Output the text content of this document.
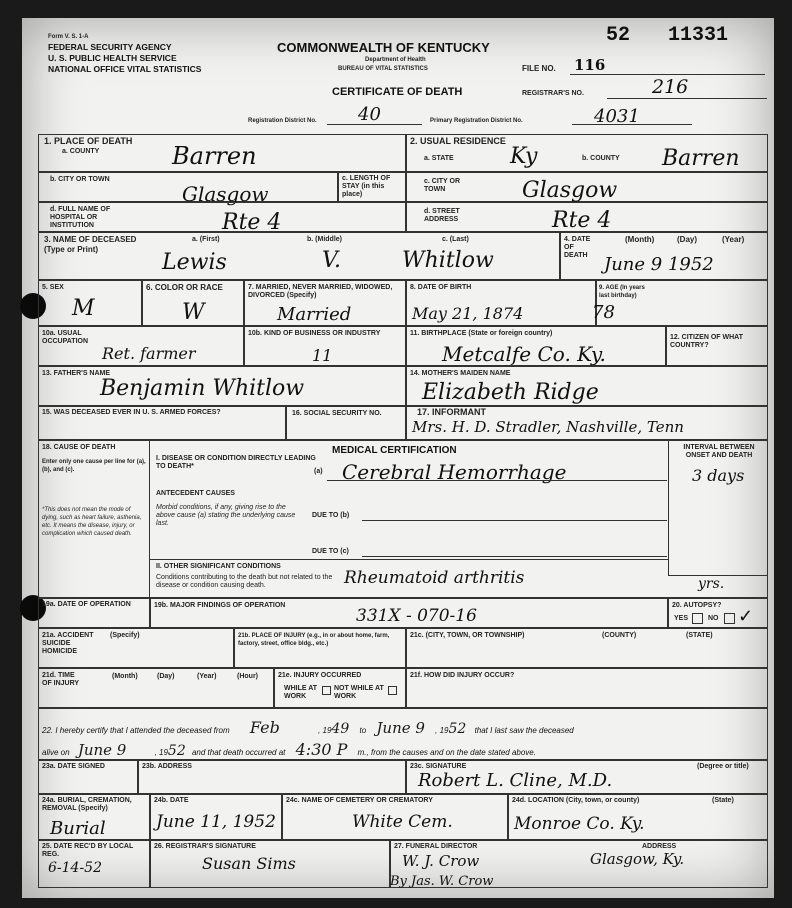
Form V. S. 1-A
FEDERAL SECURITY AGENCY
U. S. PUBLIC HEALTH SERVICE
NATIONAL OFFICE VITAL STATISTICS
COMMONWEALTH OF KENTUCKY
Department of Health
BUREAU OF VITAL STATISTICS
CERTIFICATE OF DEATH
52 11331
FILE NO. 116
REGISTRAR'S NO.	216
Registration District No. 40	Primary Registration District No.	4031
1. PLACE OF DEATH
a. COUNTY	Barren
b. CITY OR TOWN
Glasgow
c. LENGTH OF STAY (in this place)
d. FULL NAME OF HOSPITAL OR INSTITUTION	Rte 4
2. USUAL RESIDENCE
a. STATE	Ky	b. COUNTY Barren
c. CITY OR TOWN	Glasgow
d. STREET ADDRESS	Rte 4
3. NAME OF DECEASED (Type or Print)
a. (First)	b. (Middle)	c. (Last)
Lewis	V.	Whitlow
4. DATE OF DEATH
(Month)	(Day)	(Year)
June 9 1952
5. SEX
M
6. COLOR OR RACE
W
7. MARRIED, NEVER MARRIED, WIDOWED, DIVORCED (Specify)
Married
8. DATE OF BIRTH
May 21, 1874
9. AGE (In years last birthday)
78
10a. USUAL OCCUPATION
Ret. farmer
10b. KIND OF BUSINESS OR INDUSTRY
11
11. BIRTHPLACE (State or foreign country)
Metcalfe Co. Ky.
12. CITIZEN OF WHAT COUNTRY?
13. FATHER'S NAME
Benjamin Whitlow
14. MOTHER'S MAIDEN NAME
Elizabeth Ridge
15. WAS DECEASED EVER IN U. S. ARMED FORCES?	16. SOCIAL SECURITY NO.	17. INFORMANT
Mrs. H. D. Stradler, Nashville, Tenn
18. CAUSE OF DEATH
Enter only one cause per line for (a), (b), and (c).
*This does not mean the mode of dying, such as heart failure, asthenia, etc. It means the disease, injury, or complication which caused death.
MEDICAL CERTIFICATION
I. DISEASE OR CONDITION DIRECTLY LEADING TO DEATH*
(a) Cerebral Hemorrhage
INTERVAL BETWEEN ONSET AND DEATH
3 days
ANTECEDENT CAUSES
Morbid conditions, if any, giving rise to the above cause (a) stating the underlying cause last.
DUE TO (b)
DUE TO (c)
II. OTHER SIGNIFICANT CONDITIONS
Conditions contributing to the death but not related to the disease or condition causing death.	Rheumatoid arthritis	yrs.
19a. DATE OF OPERATION	19b. MAJOR FINDINGS OF OPERATION
331X - 070-16
20. AUTOPSY?
YES	NO ✓
21a. ACCIDENT SUICIDE HOMICIDE
(Specify)	21b. PLACE OF INJURY (e.g., in or about home, farm, factory, street, office bldg., etc.)
21c. (CITY, TOWN, OR TOWNSHIP)	(COUNTY)	(STATE)
21d. TIME OF INJURY
(Month)	(Day)	(Year)	(Hour)	21e. INJURY OCCURRED
WHILE AT WORK
NOT WHILE AT WORK
21f. HOW DID INJURY OCCUR?
22. I hereby certify that I attended the deceased from Feb	, 1949 to June 9 , 1952 that I last saw the deceased
alive on June 9	, 1952 and that death occurred at 4:30 P m., from the causes and on the date stated above.
23a. DATE SIGNED	23b. ADDRESS	23c. SIGNATURE	(Degree or title)
Robert L. Cline, M.D.
24a. BURIAL, CREMATION, REMOVAL (Specify)
Burial
24b. DATE
June 11, 1952
24c. NAME OF CEMETERY OR CREMATORY
White Cem.
24d. LOCATION (City, town, or county)	(State)
Monroe Co. Ky.
25. DATE REC'D BY LOCAL REG.
6-14-52
26. REGISTRAR'S SIGNATURE
Susan Sims
27. FUNERAL DIRECTOR	ADDRESS
W. J. Crow	Glasgow, Ky.
By Jas. W. Crow
